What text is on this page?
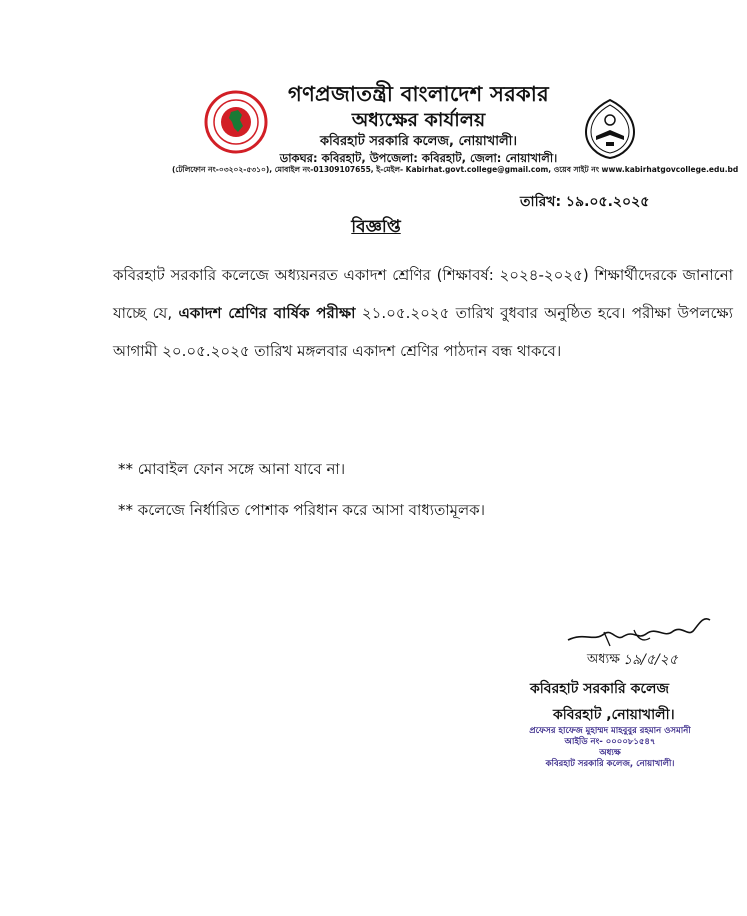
গণপ্রজাতন্ত্রী বাংলাদেশ সরকার
অধ্যক্ষের কার্যালয়
কবিরহাট সরকারি কলেজ, নোয়াখালী।
ডাকঘর: কবিরহাট, উপজেলা: কবিরহাট, জেলা: নোয়াখালী।
(টেলিফোন নং-০৩২০২-৫৩১০), মোবাইল নং-01309107655, ই-মেইল- Kabirhat.govt.college@gmail.com, ওয়েব সাইট নং www.kabirhatgovcollege.edu.bd
তারিখ: ১৯.০৫.২০২৫
বিজ্ঞপ্তি
কবিরহাট সরকারি কলেজে অধ্যয়নরত একাদশ শ্রেণির (শিক্ষাবর্ষ: ২০২৪-২০২৫) শিক্ষার্থীদেরকে জানানো যাচ্ছে যে, একাদশ শ্রেণির বার্ষিক পরীক্ষা ২১.০৫.২০২৫ তারিখ বুধবার অনুষ্ঠিত হবে। পরীক্ষা উপলক্ষ্যে আগামী ২০.০৫.২০২৫ তারিখ মঙ্গলবার একাদশ শ্রেণির পাঠদান বন্ধ থাকবে।
** মোবাইল ফোন সঙ্গে আনা যাবে না।
** কলেজে নির্ধারিত পোশাক পরিধান করে আসা বাধ্যতামূলক।
অধ্যক্ষ ১৯/৫/২৫
কবিরহাট সরকারি কলেজ
কবিরহাট ,নোয়াখালী।
প্রফেসর হাফেজ মুহাম্মদ মাহবুবুর রহমান ওসমানী
আইডি নং- ০০০০৮১৫৪৭
অধ্যক্ষ
কবিরহাট সরকারি কলেজ, নোয়াখালী।
